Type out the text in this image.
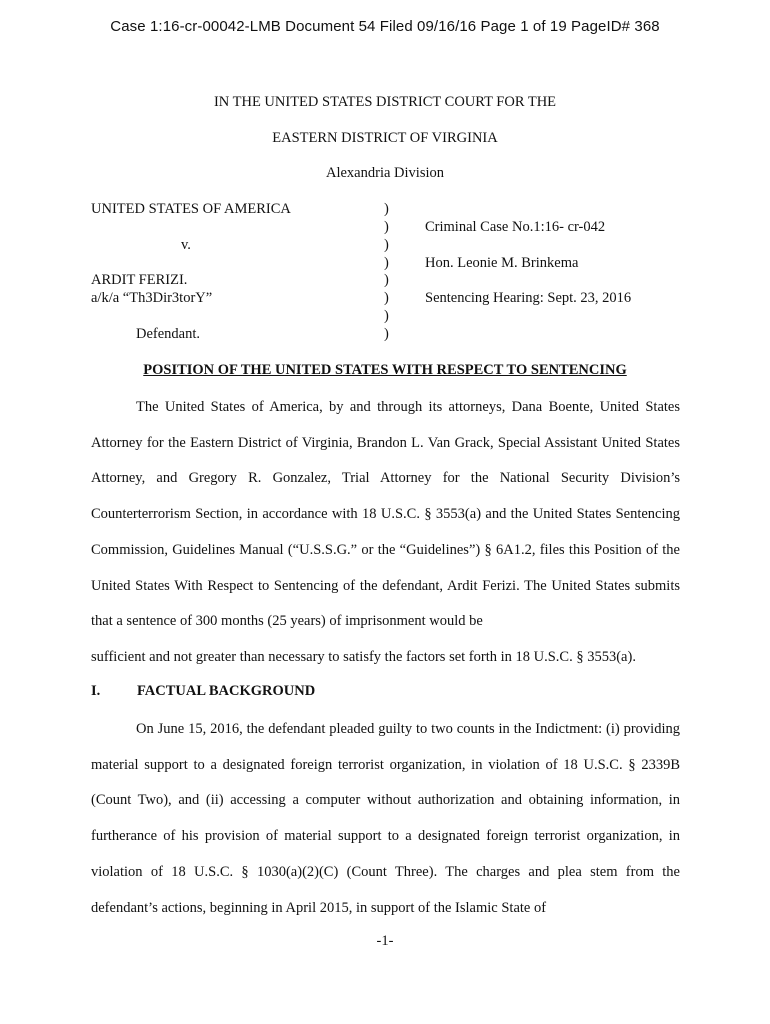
Case 1:16-cr-00042-LMB Document 54 Filed 09/16/16 Page 1 of 19 PageID# 368
IN THE UNITED STATES DISTRICT COURT FOR THE
EASTERN DISTRICT OF VIRGINIA
Alexandria Division
UNITED STATES OF AMERICA
v.
ARDIT FERIZI.
a/k/a “Th3Dir3torY”
Defendant.
)
)
)
)
)
)
)
)
Criminal Case No.1:16- cr-042
Hon. Leonie M. Brinkema
Sentencing Hearing: Sept. 23, 2016
POSITION OF THE UNITED STATES WITH RESPECT TO SENTENCING
The United States of America, by and through its attorneys, Dana Boente, United States Attorney for the Eastern District of Virginia, Brandon L. Van Grack, Special Assistant United States Attorney, and Gregory R. Gonzalez, Trial Attorney for the National Security Division’s Counterterrorism Section, in accordance with 18 U.S.C. § 3553(a) and the United States Sentencing Commission, Guidelines Manual (“U.S.S.G.” or the “Guidelines”) § 6A1.2, files this Position of the United States With Respect to Sentencing of the defendant, Ardit Ferizi. The United States submits that a sentence of 300 months (25 years) of imprisonment would be
sufficient and not greater than necessary to satisfy the factors set forth in 18 U.S.C. § 3553(a).
I.	FACTUAL BACKGROUND
On June 15, 2016, the defendant pleaded guilty to two counts in the Indictment: (i) providing material support to a designated foreign terrorist organization, in violation of 18 U.S.C. § 2339B (Count Two), and (ii) accessing a computer without authorization and obtaining information, in furtherance of his provision of material support to a designated foreign terrorist organization, in violation of 18 U.S.C. § 1030(a)(2)(C) (Count Three). The charges and plea stem from the defendant’s actions, beginning in April 2015, in support of the Islamic State of
-1-
